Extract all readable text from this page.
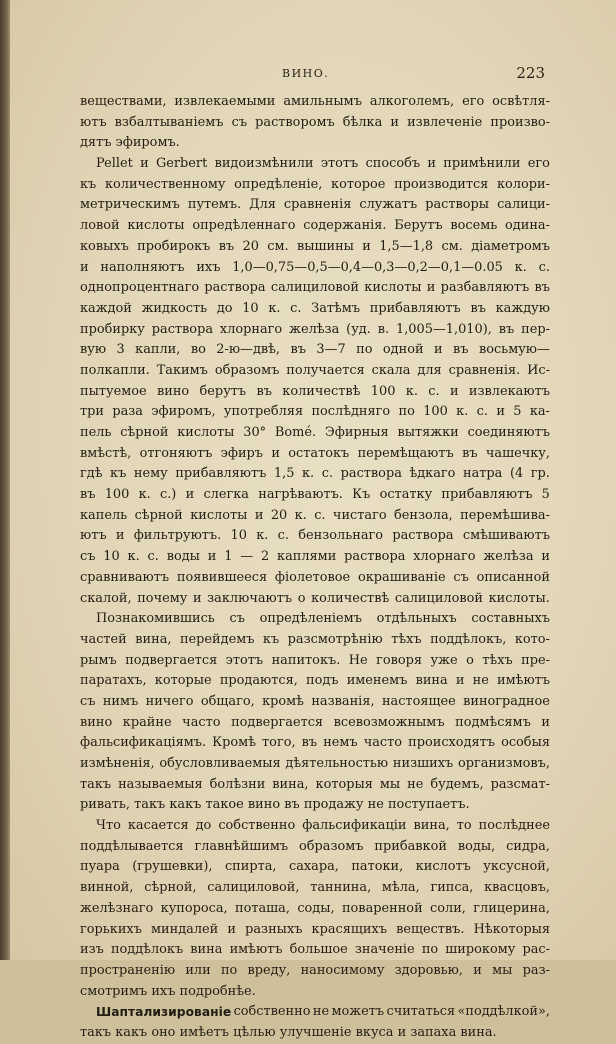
ВИНО.	223
веществами, извлекаемыми амильнымъ алкоголемъ, его освѣтля-
ютъ взбалтываніемъ съ растворомъ бѣлка и извлеченіе произво-
дятъ эфиромъ.
Pellet и Gerbert видоизмѣнили этотъ способъ и примѣнили его
къ количественному опредѣленіе, которое производится колори-
метрическимъ путемъ. Для сравненія служатъ растворы салици-
ловой кислоты опредѣленнаго содержанія. Берутъ восемь одина-
ковыхъ пробирокъ въ 20 см. вышины и 1,5—1,8 см. діаметромъ
и наполняютъ ихъ 1,0—0,75—0,5—0,4—0,3—0,2—0,1—0.05 к. с.
однопроцентнаго раствора салициловой кислоты и разбавляютъ въ
каждой жидкость до 10 к. с. Затѣмъ прибавляютъ въ каждую
пробирку раствора хлорнаго желѣза (уд. в. 1,005—1,010), въ пер-
вую 3 капли, во 2-ю—двѣ, въ 3—7 по одной и въ восьмую—
полкапли. Такимъ образомъ получается скала для сравненія. Ис-
пытуемое вино берутъ въ количествѣ 100 к. с. и извлекаютъ
три раза эфиромъ, употребляя послѣдняго по 100 к. с. и 5 ка-
пель сѣрной кислоты 30° Bomé. Эфирныя вытяжки соединяютъ
вмѣстѣ, отгоняютъ эфиръ и остатокъ перемѣщаютъ въ чашечку,
гдѣ къ нему прибавляютъ 1,5 к. с. раствора ѣдкаго натра (4 гр.
въ 100 к. с.) и слегка нагрѣваютъ. Къ остатку прибавляютъ 5
капель сѣрной кислоты и 20 к. с. чистаго бензола, перемѣшива-
ютъ и фильтруютъ. 10 к. с. бензольнаго раствора смѣшиваютъ
съ 10 к. с. воды и 1 — 2 каплями раствора хлорнаго желѣза и
сравниваютъ появившееся фіолетовое окрашиваніе съ описанной
скалой, почему и заключаютъ о количествѣ салициловой кислоты.
Познакомившись съ опредѣленіемъ отдѣльныхъ составныхъ
частей вина, перейдемъ къ разсмотрѣнію тѣхъ поддѣлокъ, кото-
рымъ подвергается этотъ напитокъ. Не говоря уже о тѣхъ пре-
паратахъ, которые продаются, подъ именемъ вина и не имѣютъ
съ нимъ ничего общаго, кромѣ названія, настоящее виноградное
вино крайне часто подвергается всевозможнымъ подмѣсямъ и
фальсификаціямъ. Кромѣ того, въ немъ часто происходятъ особыя
измѣненія, обусловливаемыя дѣятельностью низшихъ организмовъ,
такъ называемыя болѣзни вина, которыя мы не будемъ, разсмат-
ривать, такъ какъ такое вино въ продажу не поступаетъ.
Что касается до собственно фальсификаціи вина, то послѣднее
поддѣлывается главнѣйшимъ образомъ прибавкой воды, сидра,
пуара (грушевки), спирта, сахара, патоки, кислотъ уксусной,
винной, сѣрной, салициловой, таннина, мѣла, гипса, квасцовъ,
желѣзнаго купороса, поташа, соды, поваренной соли, глицерина,
горькихъ миндалей и разныхъ красящихъ веществъ. Нѣкоторыя
изъ поддѣлокъ вина имѣютъ большое значеніе по широкому рас-
пространенію или по вреду, наносимому здоровью, и мы раз-
смотримъ ихъ подробнѣе.
Шаптализированіе собственно не можетъ считаться «поддѣлкой»,
такъ какъ оно имѣетъ цѣлью улучшеніе вкуса и запаха вина.
